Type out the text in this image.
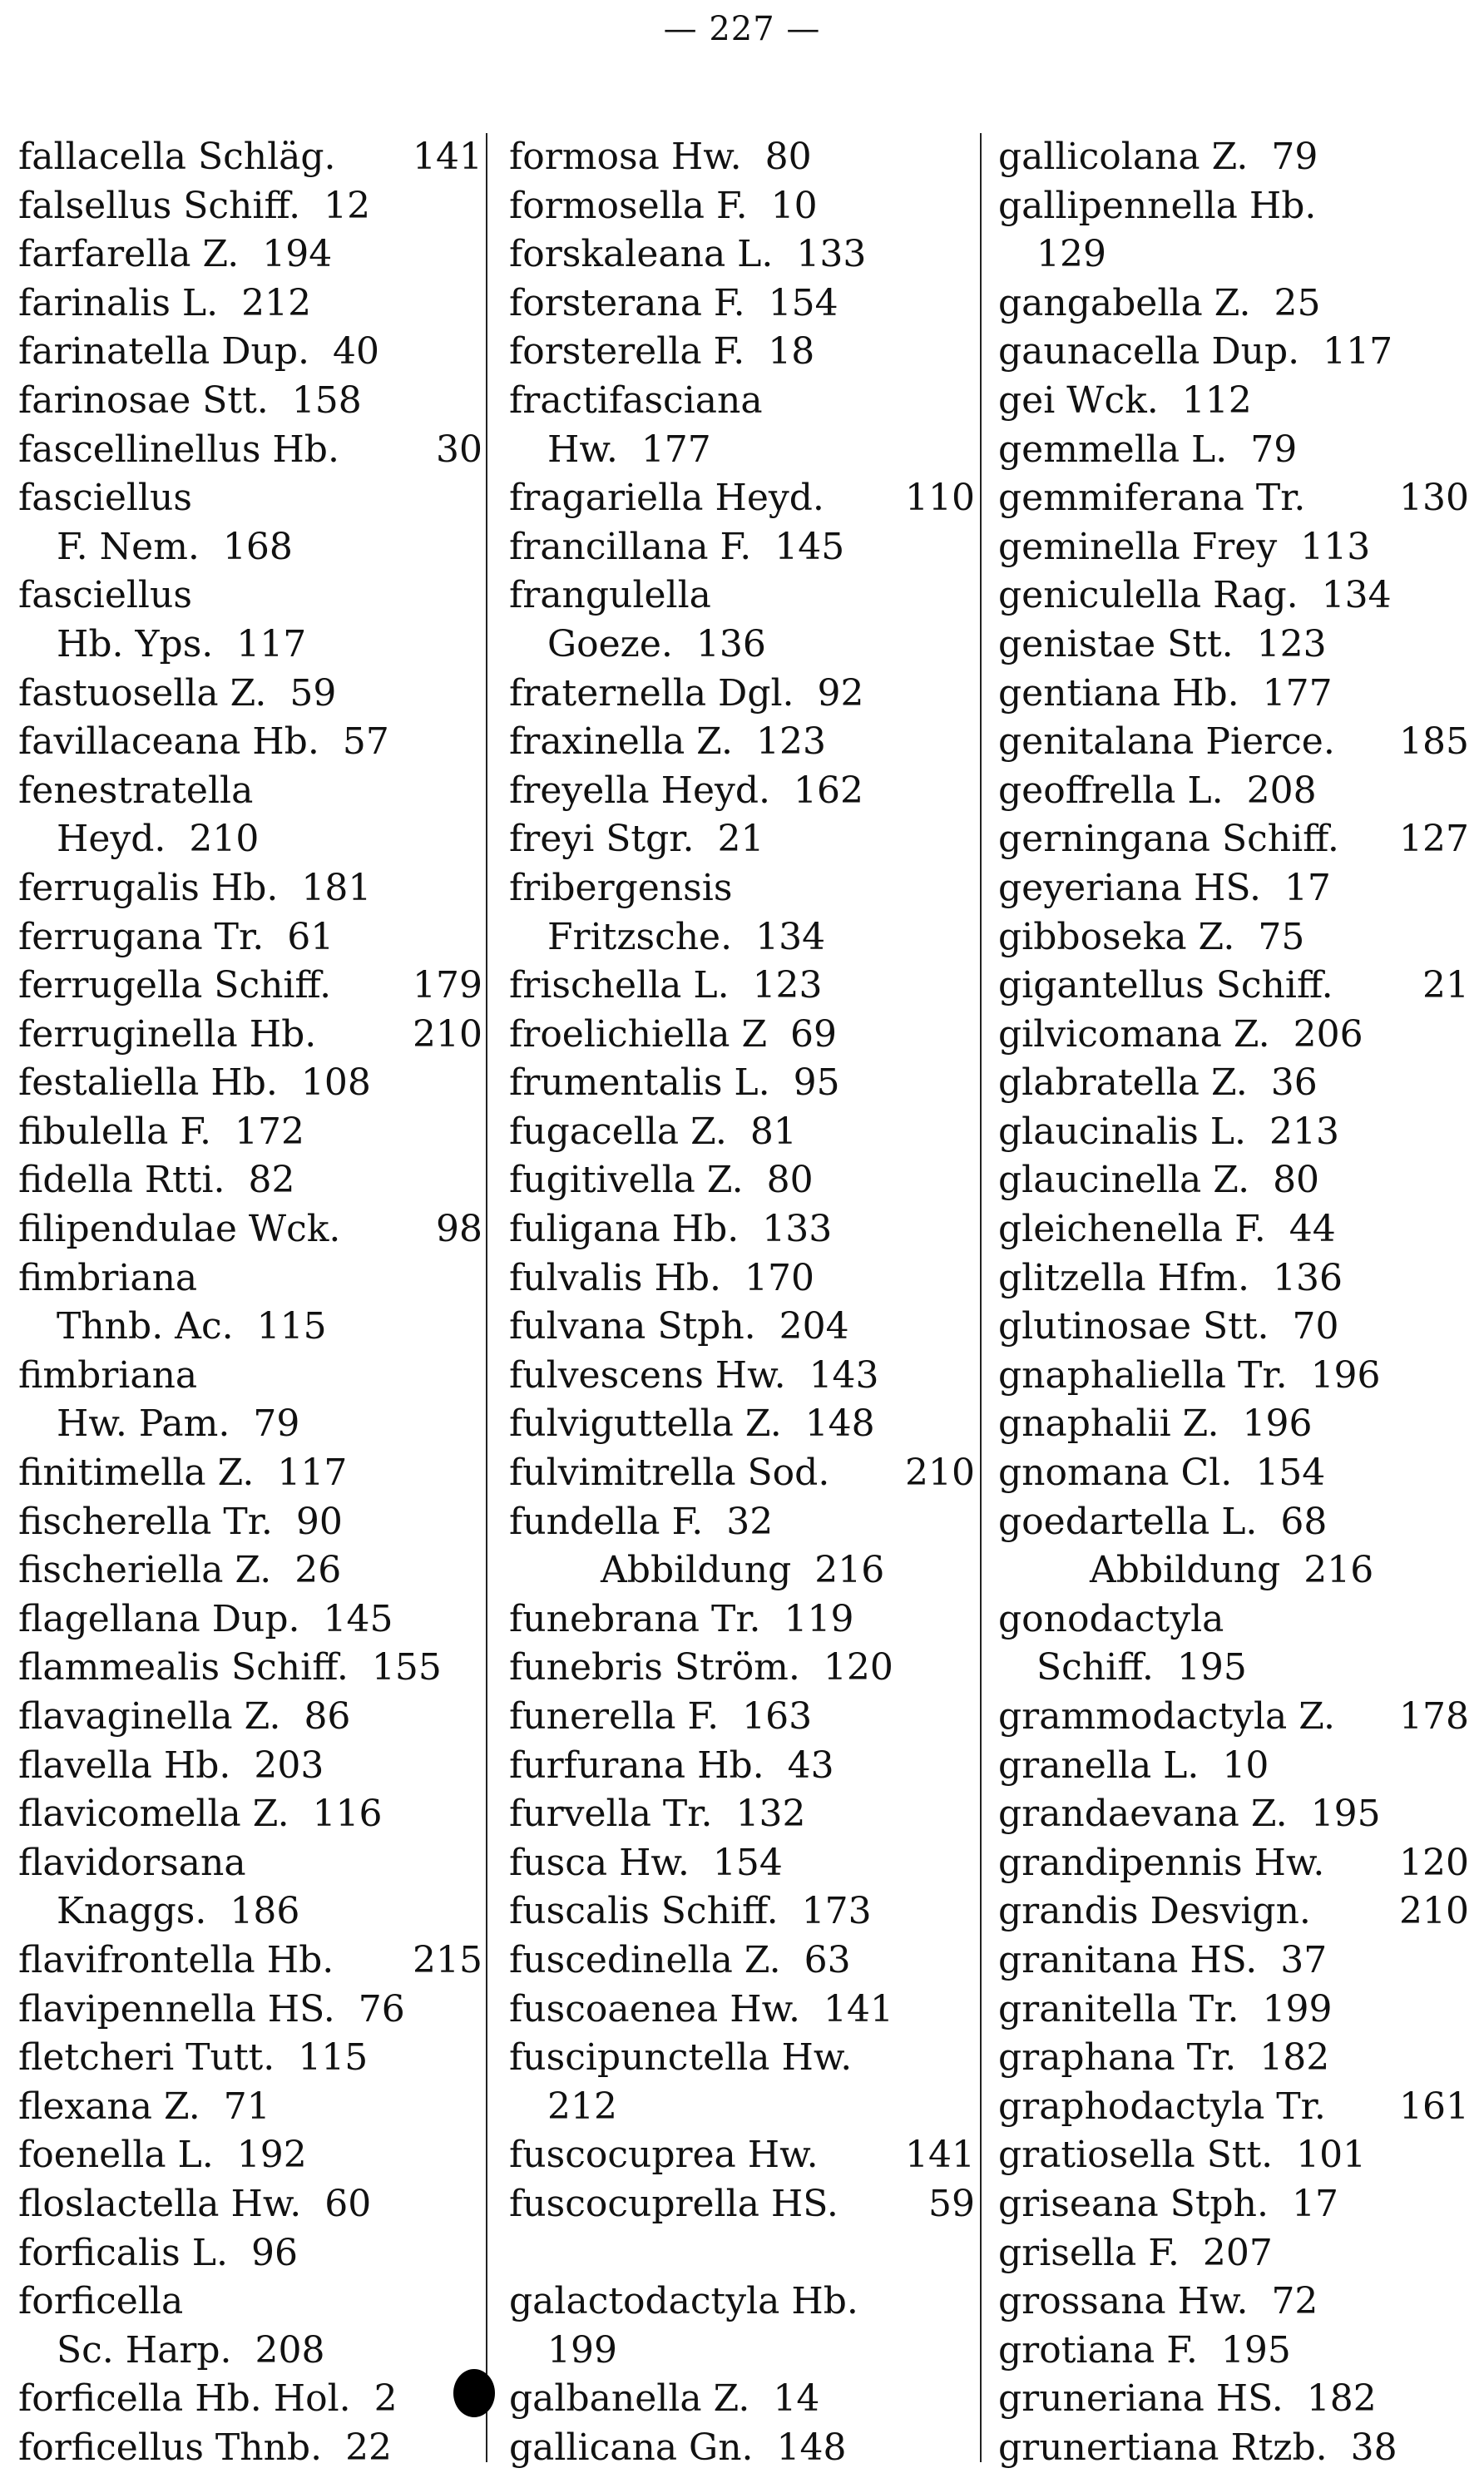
— 227 —
fallacella Schläg.	141
falsellus Schiff. 12
farfarella Z. 194
farinalis L. 212
farinatella Dup. 40
farinosae Stt. 158
fascellinellus Hb.	30
fasciellus
F. Nem. 168
fasciellus
Hb. Yps. 117
fastuosella Z. 59
favillaceana Hb. 57
fenestratella
Heyd. 210
ferrugalis Hb. 181
ferrugana Tr. 61
ferrugella Schiff.	179
ferruginella Hb.	210
festaliella Hb. 108
fibulella F. 172
fidella Rtti. 82
filipendulae Wck.	98
fimbriana
Thnb. Ac. 115
fimbriana
Hw. Pam. 79
finitimella Z. 117
fischerella Tr. 90
fischeriella Z. 26
flagellana Dup. 145
flammealis Schiff. 155
flavaginella Z. 86
flavella Hb. 203
flavicomella Z. 116
flavidorsana
Knaggs. 186
flavifrontella Hb.	215
flavipennella HS. 76
fletcheri Tutt. 115
flexana Z. 71
foenella L. 192
floslactella Hw. 60
forficalis L. 96
forficella
Sc. Harp. 208
forficella Hb. Hol. 2
forficellus Thnb. 22
formosa Hw. 80
formosella F. 10
forskaleana L. 133
forsterana F. 154
forsterella F. 18
fractifasciana
Hw. 177
fragariella Heyd.	110
francillana F. 145
frangulella
Goeze. 136
fraternella Dgl. 92
fraxinella Z. 123
freyella Heyd. 162
freyi Stgr. 21
fribergensis
Fritzsche. 134
frischella L. 123
froelichiella Z 69
frumentalis L. 95
fugacella Z. 81
fugitivella Z. 80
fuligana Hb. 133
fulvalis Hb. 170
fulvana Stph. 204
fulvescens Hw. 143
fulviguttella Z. 148
fulvimitrella Sod.	210
fundella F. 32
Abbildung 216
funebrana Tr. 119
funebris Ström. 120
funerella F. 163
furfurana Hb. 43
furvella Tr. 132
fusca Hw. 154
fuscalis Schiff. 173
fuscedinella Z. 63
fuscoaenea Hw. 141
fuscipunctella Hw.
212
fuscocuprea Hw.	141
fuscocuprella HS.	59
galactodactyla Hb.
199
galbanella Z. 14
gallicana Gn. 148
gallicolana Z. 79
gallipennella Hb.
129
gangabella Z. 25
gaunacella Dup. 117
gei Wck. 112
gemmella L. 79
gemmiferana Tr.	130
geminella Frey 113
geniculella Rag. 134
genistae Stt. 123
gentiana Hb. 177
genitalana Pierce.	185
geoffrella L. 208
gerningana Schiff.	127
geyeriana HS. 17
gibboseka Z. 75
gigantellus Schiff.	21
gilvicomana Z. 206
glabratella Z. 36
glaucinalis L. 213
glaucinella Z. 80
gleichenella F. 44
glitzella Hfm. 136
glutinosae Stt. 70
gnaphaliella Tr. 196
gnaphalii Z. 196
gnomana Cl. 154
goedartella L. 68
Abbildung 216
gonodactyla
Schiff. 195
grammodactyla Z.	178
granella L. 10
grandaevana Z. 195
grandipennis Hw.	120
grandis Desvign.	210
granitana HS. 37
granitella Tr. 199
graphana Tr. 182
graphodactyla Tr.	161
gratiosella Stt. 101
griseana Stph. 17
grisella F. 207
grossana Hw. 72
grotiana F. 195
gruneriana HS. 182
grunertiana Rtzb. 38
